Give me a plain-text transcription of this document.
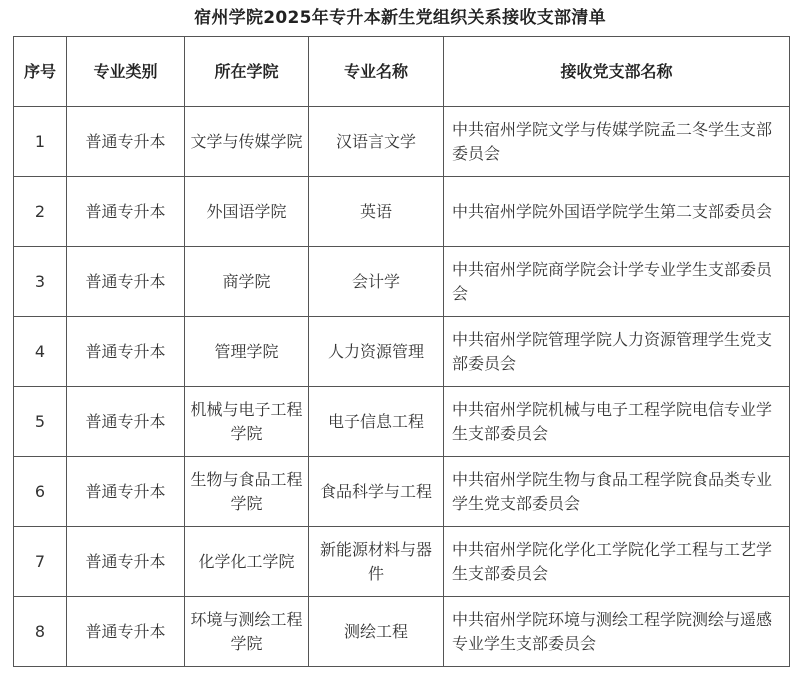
宿州学院2025年专升本新生党组织关系接收支部清单
序号	专业类别	所在学院	专业名称	接收党支部名称
1	普通专升本	文学与传媒学院	汉语言文学	中共宿州学院文学与传媒学院孟二冬学生支部委员会
2	普通专升本	外国语学院	英语	中共宿州学院外国语学院学生第二支部委员会
3	普通专升本	商学院	会计学	中共宿州学院商学院会计学专业学生支部委员会
4	普通专升本	管理学院	人力资源管理	中共宿州学院管理学院人力资源管理学生党支部委员会
5	普通专升本	机械与电子工程学院	电子信息工程	中共宿州学院机械与电子工程学院电信专业学生支部委员会
6	普通专升本	生物与食品工程学院	食品科学与工程	中共宿州学院生物与食品工程学院食品类专业学生党支部委员会
7	普通专升本	化学化工学院	新能源材料与器件	中共宿州学院化学化工学院化学工程与工艺学生支部委员会
8	普通专升本	环境与测绘工程学院	测绘工程	中共宿州学院环境与测绘工程学院测绘与遥感专业学生支部委员会
